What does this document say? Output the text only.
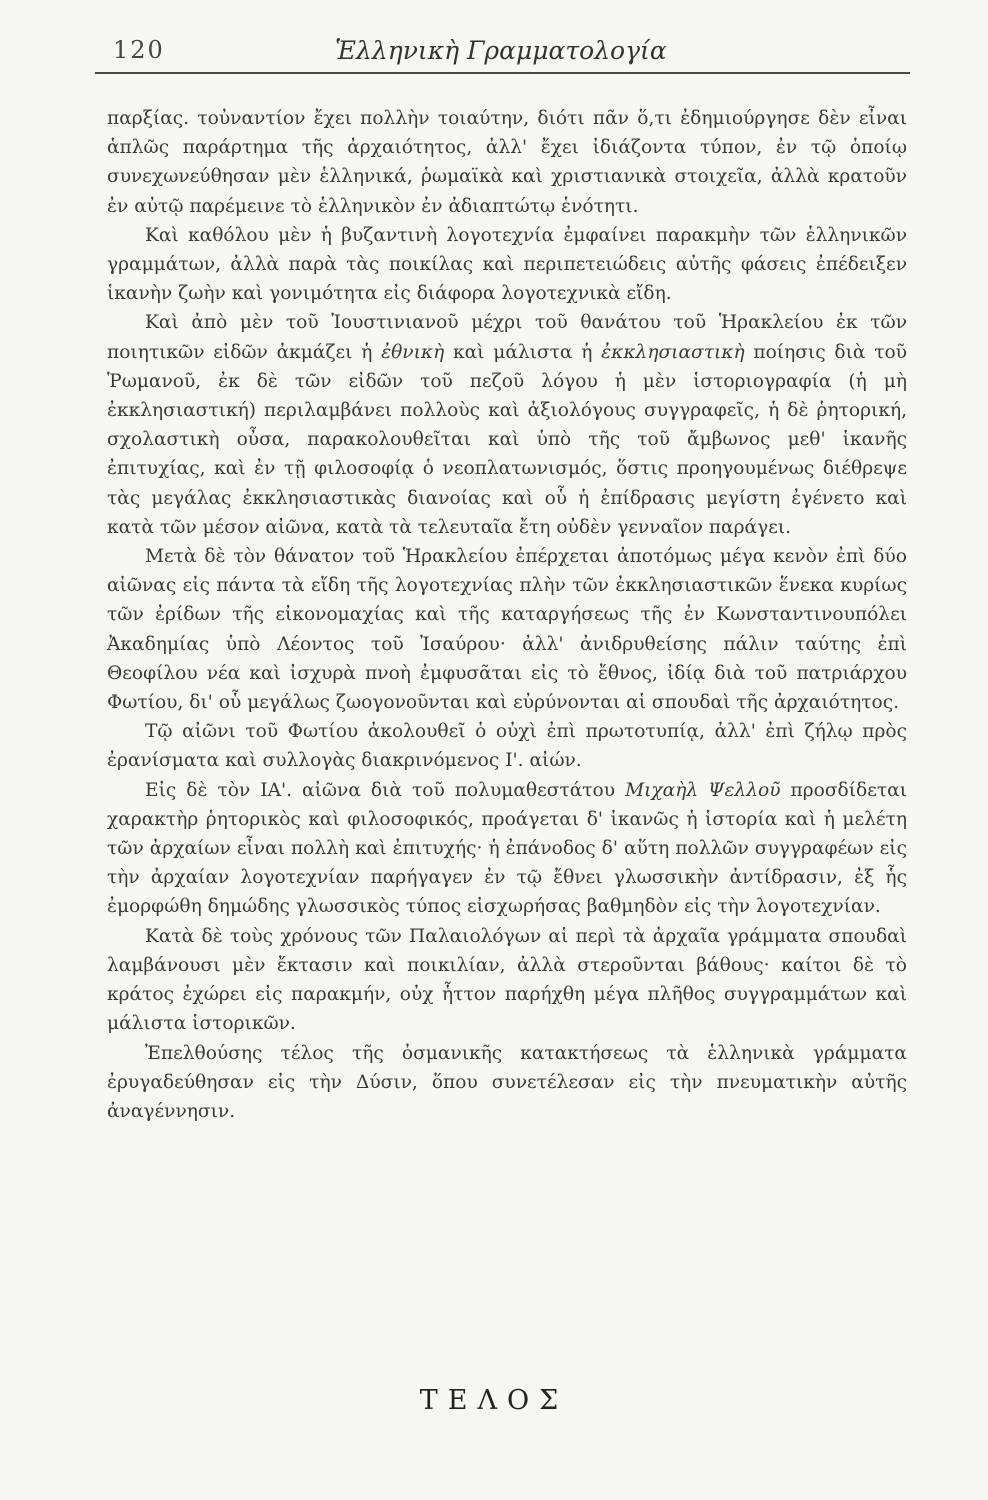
120	Ἑλληνικὴ Γραμματολογία

παρξίας. τοὐναντίον ἔχει πολλὴν τοιαύτην, διότι πᾶν ὅ,τι ἐδημιούργησε δὲν εἶναι ἁπλῶς παράρτημα τῆς ἀρχαιότητος, ἀλλ' ἔχει ἰδιάζοντα τύπον, ἐν τῷ ὁποίῳ συνεχωνεύθησαν μὲν ἑλληνικά, ῥωμαϊκὰ καὶ χριστιανικὰ στοιχεῖα, ἀλλὰ κρατοῦν ἐν αὐτῷ παρέμεινε τὸ ἑλληνικὸν ἐν ἀδιαπτώτῳ ἑνότητι.

Καὶ καθόλου μὲν ἡ βυζαντινὴ λογοτεχνία ἐμφαίνει παρακμὴν τῶν ἑλληνικῶν γραμμάτων, ἀλλὰ παρὰ τὰς ποικίλας καὶ περιπετειώδεις αὐτῆς φάσεις ἐπέδειξεν ἱκανὴν ζωὴν καὶ γονιμότητα εἰς διάφορα λογοτεχνικὰ εἴδη.

Καὶ ἀπὸ μὲν τοῦ Ἰουστινιανοῦ μέχρι τοῦ θανάτου τοῦ Ἡρακλείου ἐκ τῶν ποιητικῶν εἰδῶν ἀκμάζει ἡ ἐθνικὴ καὶ μάλιστα ἡ ἐκκλησιαστικὴ ποίησις διὰ τοῦ Ῥωμανοῦ, ἐκ δὲ τῶν εἰδῶν τοῦ πεζοῦ λόγου ἡ μὲν ἱστοριογραφία (ἡ μὴ ἐκκλησιαστική) περιλαμβάνει πολλοὺς καὶ ἀξιολόγους συγγραφεῖς, ἡ δὲ ῥητορική, σχολαστικὴ οὖσα, παρακολουθεῖται καὶ ὑπὸ τῆς τοῦ ἄμβωνος μεθ' ἱκανῆς ἐπιτυχίας, καὶ ἐν τῇ φιλοσοφίᾳ ὁ νεοπλατωνισμός, ὅστις προηγουμένως διέθρεψε τὰς μεγάλας ἐκκλησιαστικὰς διανοίας καὶ οὗ ἡ ἐπίδρασις μεγίστη ἐγένετο καὶ κατὰ τῶν μέσον αἰῶνα, κατὰ τὰ τελευταῖα ἔτη οὐδὲν γενναῖον παράγει.

Μετὰ δὲ τὸν θάνατον τοῦ Ἡρακλείου ἐπέρχεται ἀποτόμως μέγα κενὸν ἐπὶ δύο αἰῶνας εἰς πάντα τὰ εἴδη τῆς λογοτεχνίας πλὴν τῶν ἐκκλησιαστικῶν ἕνεκα κυρίως τῶν ἐρίδων τῆς εἰκονομαχίας καὶ τῆς καταργήσεως τῆς ἐν Κωνσταντινουπόλει Ἀκαδημίας ὑπὸ Λέοντος τοῦ Ἰσαύρου· ἀλλ' ἀνιδρυθείσης πάλιν ταύτης ἐπὶ Θεοφίλου νέα καὶ ἰσχυρὰ πνοὴ ἐμφυσᾶται εἰς τὸ ἔθνος, ἰδίᾳ διὰ τοῦ πατριάρχου Φωτίου, δι' οὗ μεγάλως ζωογονοῦνται καὶ εὐρύνονται αἱ σπουδαὶ τῆς ἀρχαιότητος.

Τῷ αἰῶνι τοῦ Φωτίου ἀκολουθεῖ ὁ οὐχὶ ἐπὶ πρωτοτυπίᾳ, ἀλλ' ἐπὶ ζήλῳ πρὸς ἐρανίσματα καὶ συλλογὰς διακρινόμενος Ι'. αἰών.

Εἰς δὲ τὸν ΙΑ'. αἰῶνα διὰ τοῦ πολυμαθεστάτου Μιχαὴλ Ψελλοῦ προσδίδεται χαρακτὴρ ῥητορικὸς καὶ φιλοσοφικός, προάγεται δ' ἱκανῶς ἡ ἱστορία καὶ ἡ μελέτη τῶν ἀρχαίων εἶναι πολλὴ καὶ ἐπιτυχής· ἡ ἐπάνοδος δ' αὕτη πολλῶν συγγραφέων εἰς τὴν ἀρχαίαν λογοτεχνίαν παρήγαγεν ἐν τῷ ἔθνει γλωσσικὴν ἀντίδρασιν, ἐξ ἧς ἐμορφώθη δημώδης γλωσσικὸς τύπος εἰσχωρήσας βαθμηδὸν εἰς τὴν λογοτεχνίαν.

Κατὰ δὲ τοὺς χρόνους τῶν Παλαιολόγων αἱ περὶ τὰ ἀρχαῖα γράμματα σπουδαὶ λαμβάνουσι μὲν ἔκτασιν καὶ ποικιλίαν, ἀλλὰ στεροῦνται βάθους· καίτοι δὲ τὸ κράτος ἐχώρει εἰς παρακμήν, οὐχ ἧττον παρήχθη μέγα πλῆθος συγγραμμάτων καὶ μάλιστα ἱστορικῶν.

Ἐπελθούσης τέλος τῆς ὀσμανικῆς κατακτήσεως τὰ ἑλληνικὰ γράμματα ἐρυγαδεύθησαν εἰς τὴν Δύσιν, ὅπου συνετέλεσαν εἰς τὴν πνευματικὴν αὐτῆς ἀναγέννησιν.

ΤΕΛΟΣ
